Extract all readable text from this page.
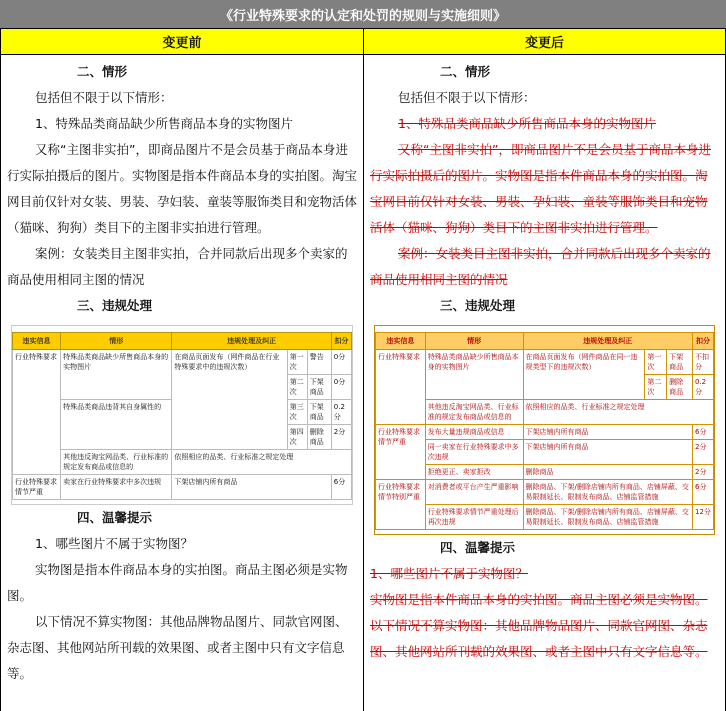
《行业特殊要求的认定和处罚的规则与实施细则》
变更前
二、情形

包括但不限于以下情形：

1、特殊品类商品缺少所售商品本身的实物图片

又称“主图非实拍”，即商品图片不是会员基于商品本身进行实际拍摄后的图片。实物图是指本件商品本身的实拍图。淘宝网目前仅针对女装、男装、孕妇装、童装等服饰类目和宠物活体（猫咪、狗狗）类目下的主图非实拍进行管理。

案例：女装类目主图非实拍，合并同款后出现多个卖家的商品使用相同主图的情况

三、违规处理
违实信息	情形	违规处理及纠正			扣分
行业特殊要求	特殊品类商品缺少所售商品本身的实物图片	在商品页面发布（网件商品在行业特殊要求中的违规次数）	第一次	警告	0分
			第二次	下架商品	0分
	特殊品类商品违背其自身属性的		第三次	下架商品	0.2分
			第四次	删除商品	2分
	其他违反淘宝网品类、行业标准的规定发布商品或信息的	依照相应的品类、行业标准之规定处理			
行业特殊要求情节严重	卖家在行业特殊要求中多次违规	下架店铺内所有商品			6分
四、温馨提示

1、哪些图片不属于实物图？

实物图是指本件商品本身的实拍图。商品主图必须是实物图。

以下情况不算实物图：其他品牌物品图片、同款官网图、杂志图、其他网站所刊载的效果图、或者主图中只有文字信息等。

变更后
二、情形

包括但不限于以下情形：

1、特殊品类商品缺少所售商品本身的实物图片

又称“主图非实拍”，即商品图片不是会员基于商品本身进行实际拍摄后的图片。实物图是指本件商品本身的实拍图。淘宝网目前仅针对女装、男装、孕妇装、童装等服饰类目和宠物活体（猫咪、狗狗）类目下的主图非实拍进行管理。

案例：女装类目主图非实拍，合并同款后出现多个卖家的商品使用相同主图的情况

三、违规处理
违实信息	情形	违规处理及纠正			扣分
行业特殊要求	特殊品类商品缺少所售商品本身的实物图片	在商品页面发布（网件商品在同一违规类型下的违规次数）	第一次	下架商品	不扣分
			第二次	删除商品	0.2分
	其他违反淘宝网品类、行业标准的规定发布商品或信息的	依照相应的品类、行业标准之规定处理			
行业特殊要求情节严重	发布大量违规商品或信息	下架店铺内所有商品			6分
	同一卖家在行业特殊要求中多次违规	下架店铺内所有商品			2分
	拒绝更正、卖家拒改	删除商品			2分
行业特殊要求情节特别严重	对消费者或平台产生严重影响	删除商品、下架/删除店铺内所有商品、店铺屏蔽、交易限制延长、限制发布商品、店铺监管措施			6分
	行业特殊要求情节严重处理后再次违规	删除商品、下架/删除店铺内所有商品、店铺屏蔽、交易限制延长、限制发布商品、店铺监管措施			12分
四、温馨提示

1、哪些图片不属于实物图？

实物图是指本件商品本身的实拍图。商品主图必须是实物图。

以下情况不算实物图：其他品牌物品图片、同款官网图、杂志图、其他网站所刊载的效果图、或者主图中只有文字信息等。
